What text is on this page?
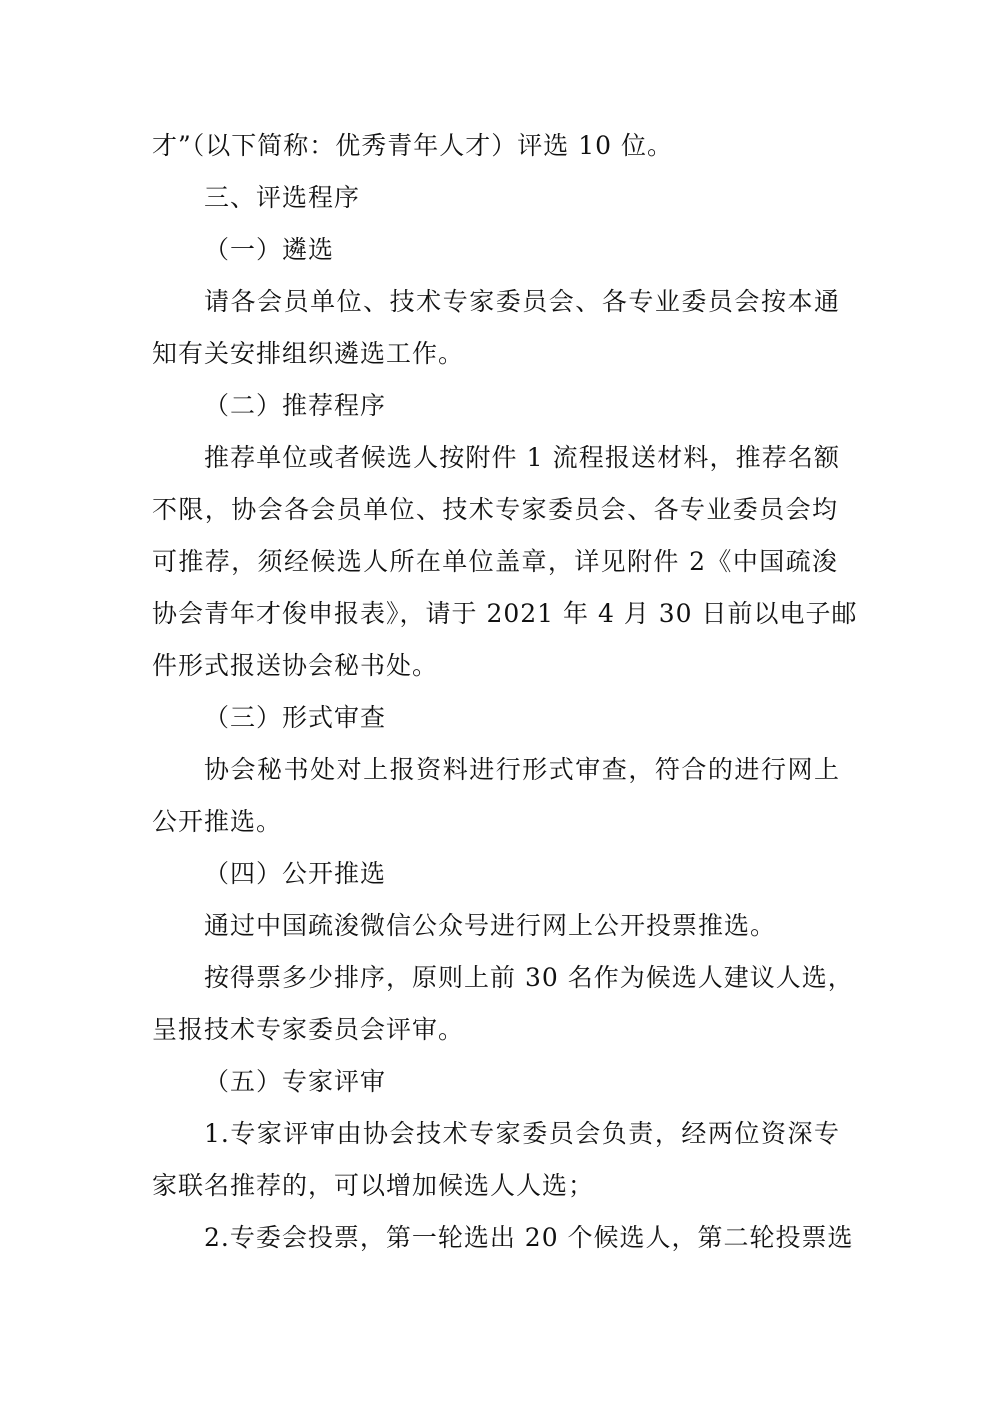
才”（以下简称：优秀青年人才）评选 10 位。
三、评选程序
（一）遴选
请各会员单位、技术专家委员会、各专业委员会按本通
知有关安排组织遴选工作。
（二）推荐程序
推荐单位或者候选人按附件 1 流程报送材料，推荐名额
不限，协会各会员单位、技术专家委员会、各专业委员会均
可推荐，须经候选人所在单位盖章，详见附件 2《中国疏浚
协会青年才俊申报表》，请于 2021 年 4 月 30 日前以电子邮
件形式报送协会秘书处。
（三）形式审查
协会秘书处对上报资料进行形式审查，符合的进行网上
公开推选。
（四）公开推选
通过中国疏浚微信公众号进行网上公开投票推选。
按得票多少排序，原则上前 30 名作为候选人建议人选，
呈报技术专家委员会评审。
（五）专家评审
1.专家评审由协会技术专家委员会负责，经两位资深专
家联名推荐的，可以增加候选人人选；
2.专委会投票，第一轮选出 20 个候选人，第二轮投票选
